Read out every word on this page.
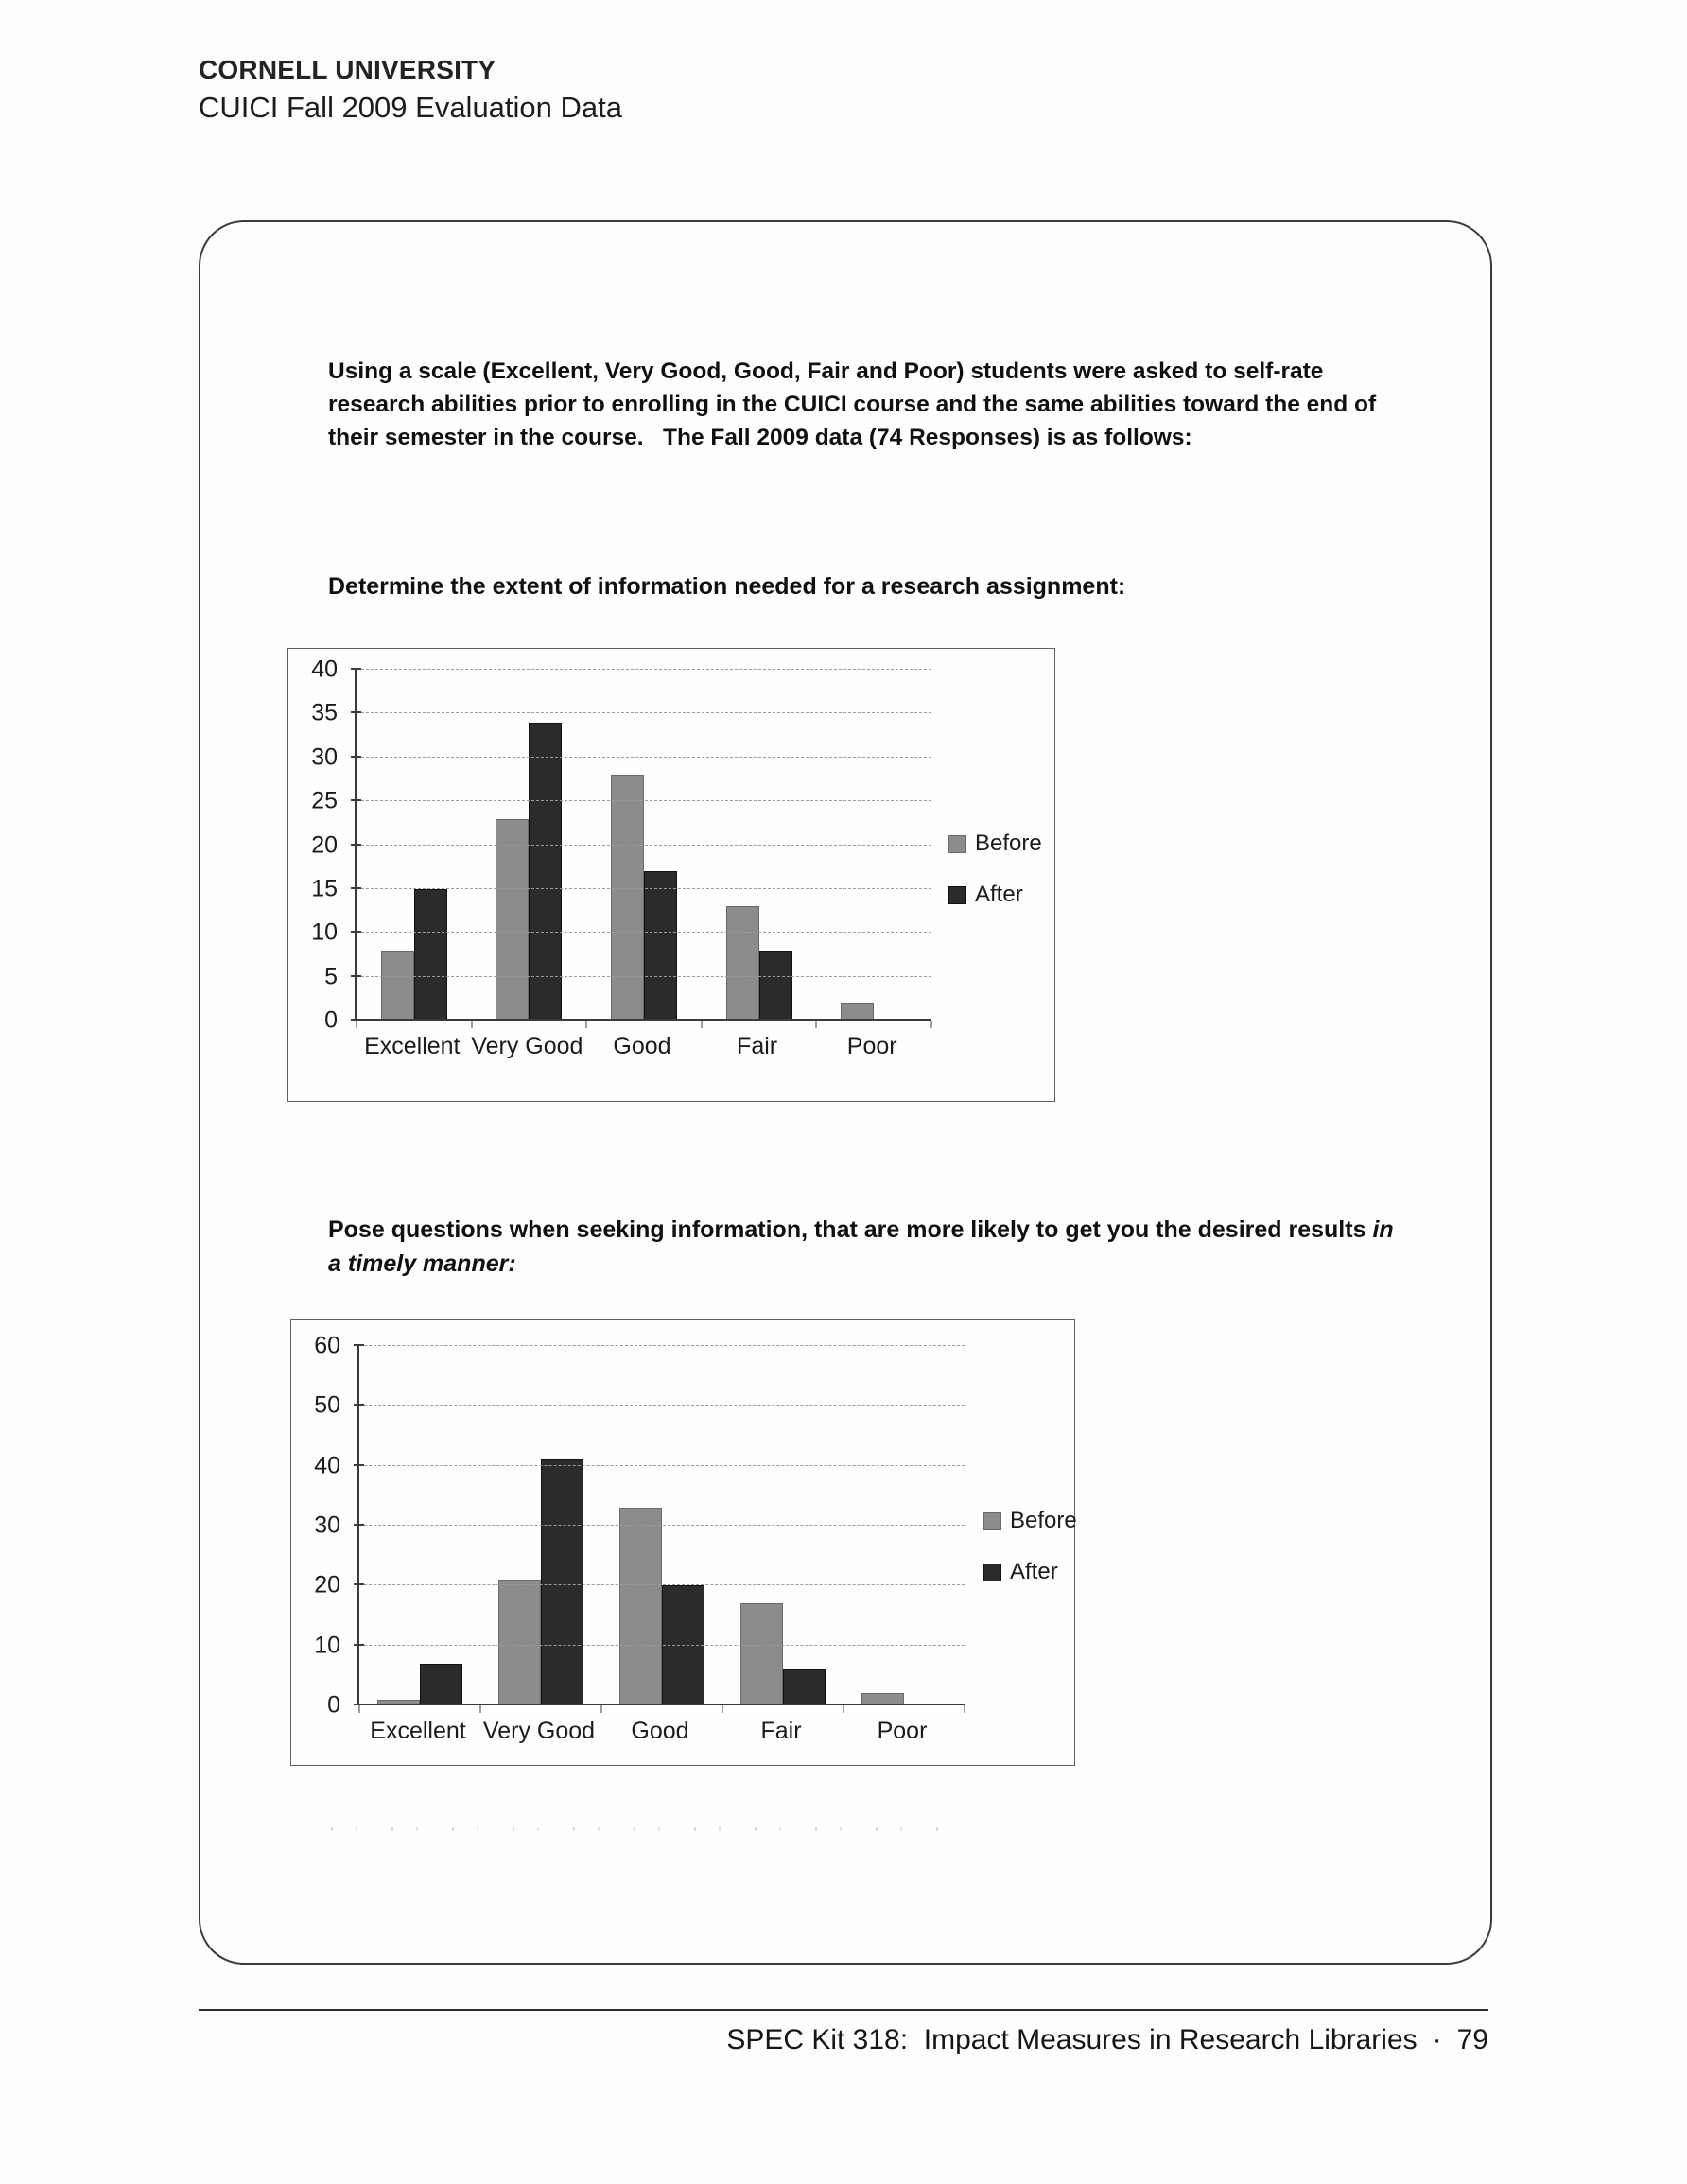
CORNELL UNIVERSITY
CUICI Fall 2009 Evaluation Data
Using a scale (Excellent, Very Good, Good, Fair and Poor) students were asked to self-rate research abilities prior to enrolling in the CUICI course and the same abilities toward the end of their semester in the course.   The Fall 2009 data (74 Responses) is as follows:
Determine the extent of information needed for a research assignment:
0
5
10
15
20
25
30
35
40
Excellent Very Good	Good	Fair	Poor
Before
After
Pose questions when seeking information, that are more likely to get you the desired results in a timely manner:
0
10
20
30
40
50
60
Excellent Very Good	Good	Fair	Poor
Before
After
SPEC Kit 318:  Impact Measures in Research Libraries · 79
